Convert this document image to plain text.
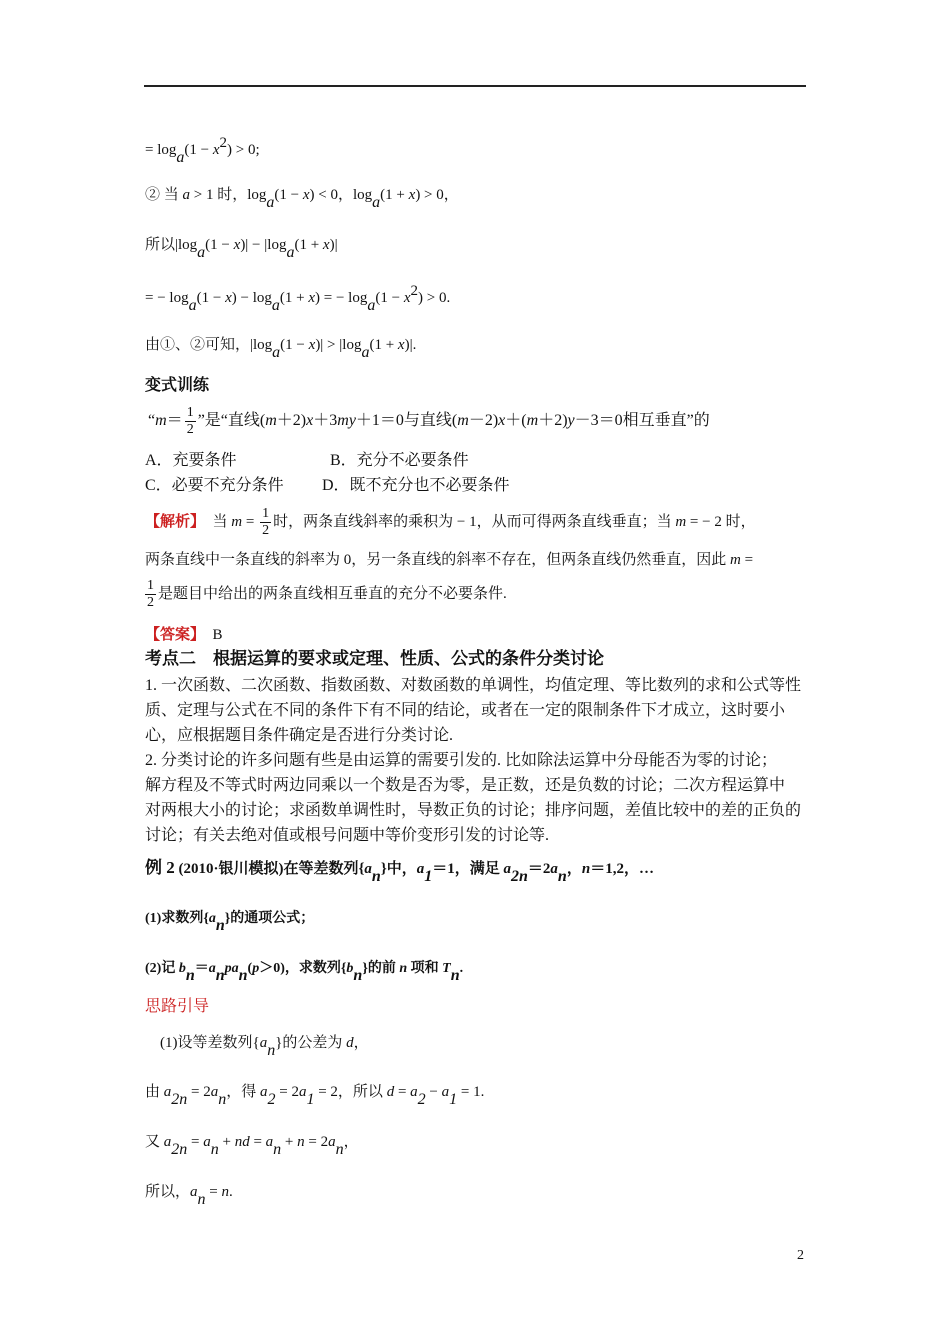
= loga(1 − x2) > 0;
② 当 a > 1 时，loga(1 − x) < 0，loga(1 + x) > 0，
所以|loga(1 − x)| − |loga(1 + x)|
= − loga(1 − x) − loga(1 + x) = − loga(1 − x2) > 0.
由①、②可知，|loga(1 − x)| > |loga(1 + x)|.
变式训练
“$m= \frac{1}{2}$ ”是“直线(m＋2)x＋3my＋1＝0与直线(m－2)x＋(m＋2)y－3＝0相互垂直”的
A．充要条件	B．充分不必要条件
C．必要不充分条件 D．既不充分也不必要条件
【解析】　 当 $m = \frac{1}{2}$ 时，两条直线斜率的乘积为 − 1，从而可得两条直线垂直；当 m = − 2 时，
两条直线中一条直线的斜率为 0，另一条直线的斜率不存在，但两条直线仍然垂直，因此 m =
$\frac{1}{2}$ 是题目中给出的两条直线相互垂直的充分不必要条件.
【答案】　 B
考点二　根据运算的要求或定理、性质、公式的条件分类讨论
1. 一次函数、二次函数、指数函数、对数函数的单调性，均值定理、等比数列的求和公式等性
质、定理与公式在不同的条件下有不同的结论，或者在一定的限制条件下才成立，这时要小
心，应根据题目条件确定是否进行分类讨论.
2. 分类讨论的许多问题有些是由运算的需要引发的. 比如除法运算中分母能否为零的讨论；
解方程及不等式时两边同乘以一个数是否为零，是正数，还是负数的讨论；二次方程运算中
对两根大小的讨论；求函数单调性时，导数正负的讨论；排序问题，差值比较中的差的正负的
讨论；有关去绝对值或根号问题中等价变形引发的讨论等.
例 2 (2010·银川模拟)在等差数列{an}中，a1＝1，满足 a2n＝2an，n＝1,2，…
(1)求数列{an}的通项公式；
(2)记 bn＝anpan(p＞0)，求数列{bn}的前 n 项和 Tn.
思路引导
(1)设等差数列{an}的公差为 d，
由 a2n = 2an，得 a2 = 2a1 = 2，所以 d = a2 − a1 = 1.
又 a2n = an + nd = an + n = 2an，
所以，an = n.
2
